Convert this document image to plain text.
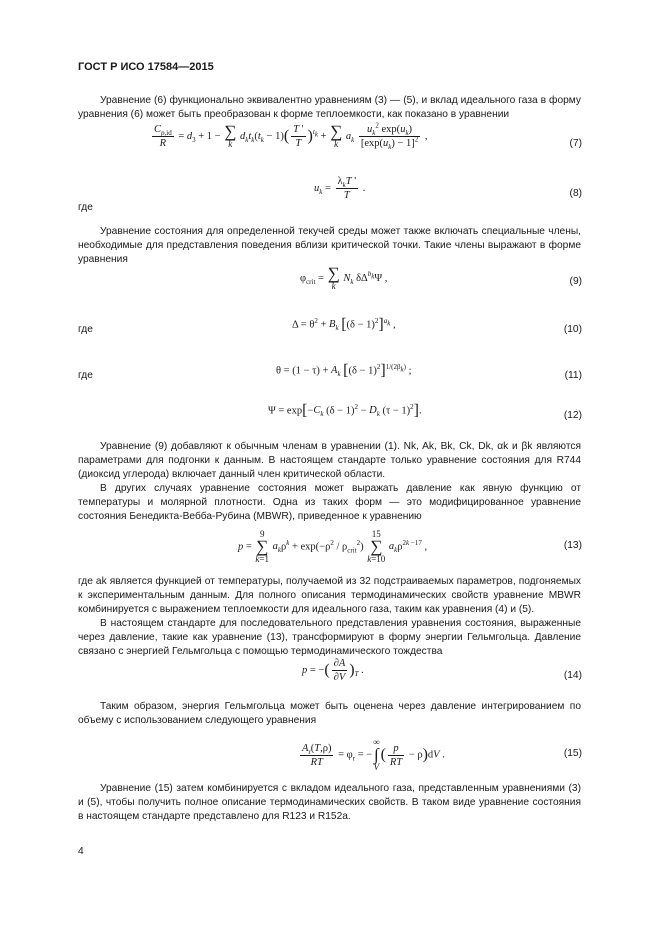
ГОСТ Р ИСО 17584—2015

Уравнение (6) функционально эквивалентно уравнениям (3) — (5), и вклад идеального газа в форму уравнения (6) может быть преобразован к форме теплоемкости, как показано в уравнении

$\frac{C_{p,id}}{R} = d_3 + 1$ − ∑
k $d_kt_k(t_k - 1)( \frac{T '}{T} )^{t_k}$ + ∑
k $a_k \frac{u_k^2 \exp(u_k)}{[\exp(u_k) - 1]^2}$ ,
(7)
$u_k = \frac{\lambda_kT '}{T}$ .	(8)
где

Уравнение состояния для определенной текучей среды может также включать специальные члены, необходимые для представления поведения вблизи критической точки. Такие члены выражают в форме уравнения

$\varphi_{crit}$ = ∑
k $N_k$ $\delta\Delta^{b_k}\Psi$ ,	(9)
$\Delta = \theta^2 + B_k$ $[(\delta - 1)^2]^{a_k}$ ,	(10)
где
$\theta = (1 - \tau) + A_k$ $[(\delta - 1)^2]^{1/(2\beta_k)}$ ;	(11)
где
$\Psi = \exp[-C_k$ $(\delta - 1)^2 - D_k$ $(\tau - 1)^2$].	(12)

Уравнение (9) добавляют к обычным членам в уравнении (1). Nk, Ak, Bk, Ck, Dk, αk и βk являются параметрами для подгонки к данным. В настоящем стандарте только уравнение состояния для R744 (диоксид углерода) включает данный член критической области.

В других случаях уравнение состояния может выражать давление как явную функцию от температуры и молярной плотности. Одна из таких форм — это модифицированное уравнение состояния Бенедикта-Вебба-Рубина (MBWR), приведенное к уравнению

p = 9
∑
k=1 $a_k\rho^k + \exp(-\rho^2 / \rho_{crit}^2)$ 15
∑
k=10 $a_k\rho^{2k -17}$ ,	(13)

где ak является функцией от температуры, получаемой из 32 подстраиваемых параметров, подгоняемых к экспериментальным данным. Для полного описания термодинамических свойств уравнение MBWR комбинируется с выражением теплоемкости для идеального газа, таким как уравнения (4) и (5).

В настоящем стандарте для последовательного представления уравнения состояния, выраженные через давление, такие как уравнение (13), трансформируют в форму энергии Гельмгольца. Давление связано с энергией Гельмгольца с помощью термодинамического тождества

p = −( $\frac{\partial A}{\partial V} )_T$ .	(14)

Таким образом, энергия Гельмгольца может быть оценена через давление интегрированием по объему с использованием следующего уравнения

$\frac{A_r(T,\rho)}{RT} = \varphi_r$ = −∞
∫
$V( \frac{p}{RT} - \rho)dV$ .	(15)

Уравнение (15) затем комбинируется с вкладом идеального газа, представленным уравнениями (3) и (5), чтобы получить полное описание термодинамических свойств. В таком виде уравнение состояния в настоящем стандарте представлено для R123 и R152a.

4
